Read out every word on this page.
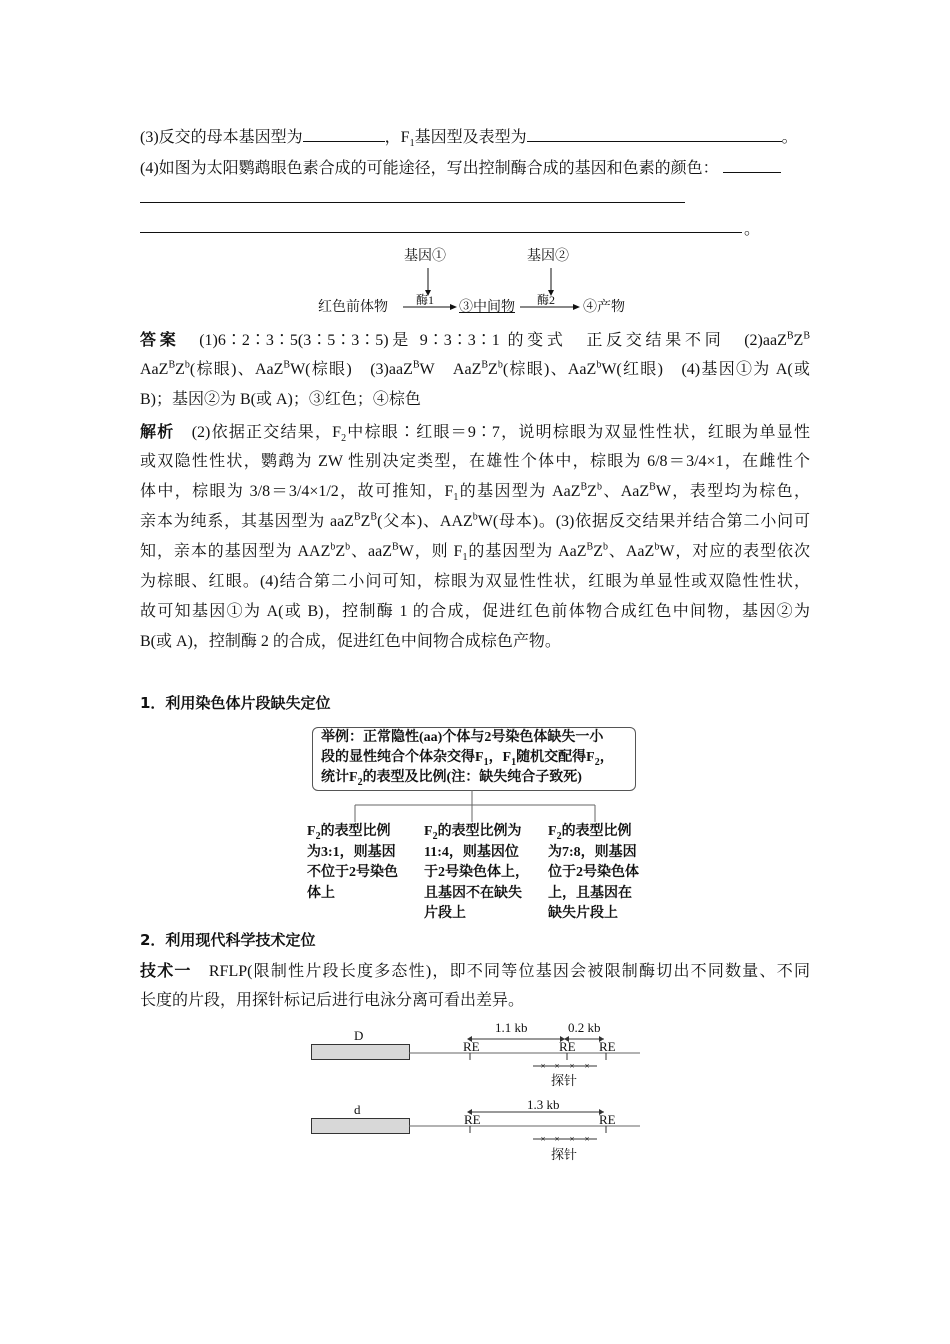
(3)反交的母本基因型为	，$F_1$基因型及表型为	。
(4)如图为太阳鹦鹉眼色素合成的可能途径，写出控制酶合成的基因和色素的颜色：
。
基因①	基因②
红色前体物 酶1 ③中间物 酶2 ④产物
答案　 (1)6∶2∶3∶5(3∶5∶3∶5)是 9∶3∶3∶1 的变式　正反交结果不同　$(2)aaZ^BZ^B$
$AaZ^BZ^b$(棕眼)、AaZ$^B$W(棕眼)　(3)aaZ$^B$W　$AaZ^BZ^b$(棕眼)、AaZ$^b$W(红眼)　(4)基因①为 A(或
B)；基因②为 B(或 A)；③红色；④棕色
解析　 (2)依据正交结果，$F_2$中棕眼∶红眼＝9∶7，说明棕眼为双显性性状，红眼为单显性
或双隐性性状，鹦鹉为 ZW 性别决定类型，在雄性个体中，棕眼为 6/8＝3/4×1，在雌性个
体中，棕眼为 3/8＝3/4×1/2，故可推知，$F_1$的基因型为 $AaZ^BZ^b$、AaZ$^B$W，表型均为棕色，
亲本为纯系，其基因型为 $aaZ^BZ^B$(父本)、AAZ$^b$W(母本)。(3)依据反交结果并结合第二小问可
知，亲本的基因型为 $AAZ^bZ^b$、aaZ$^B$W，则 $F_1$的基因型为 $AaZ^BZ^b$、AaZ$^b$W，对应的表型依次
为棕眼、红眼。(4)结合第二小问可知，棕眼为双显性性状，红眼为单显性或双隐性性状，
故可知基因①为 A(或 B)，控制酶 1 的合成，促进红色前体物合成红色中间物，基因②为
B(或 A)，控制酶 2 的合成，促进红色中间物合成棕色产物。
1．利用染色体片段缺失定位
举例：正常隐性(aa)个体与2号染色体缺失一小
段的显性纯合个体杂交得$F_1$，$F_1$随机交配得$F_2$，
统计$F_2$的表型及比例(注：缺失纯合子致死)
$F_2$的表型比例
为3:1，则基因
不位于2号染色
体上
$F_2$的表型比例为
11:4，则基因位
于2号染色体上，
且基因不在缺失
片段上
$F_2$的表型比例
为7:8，则基因
位于2号染色体
上，且基因在
缺失片段上
2．利用现代科学技术定位
技术一　 RFLP(限制性片段长度多态性)，即不同等位基因会被限制酶切出不同数量、不同
长度的片段，用探针标记后进行电泳分离可看出差异。
× × × ×
× × × ×
D
1.1 kb	0.2 kb
RE	RE RE
探针
d	1.3 kb
RE	RE
探针
